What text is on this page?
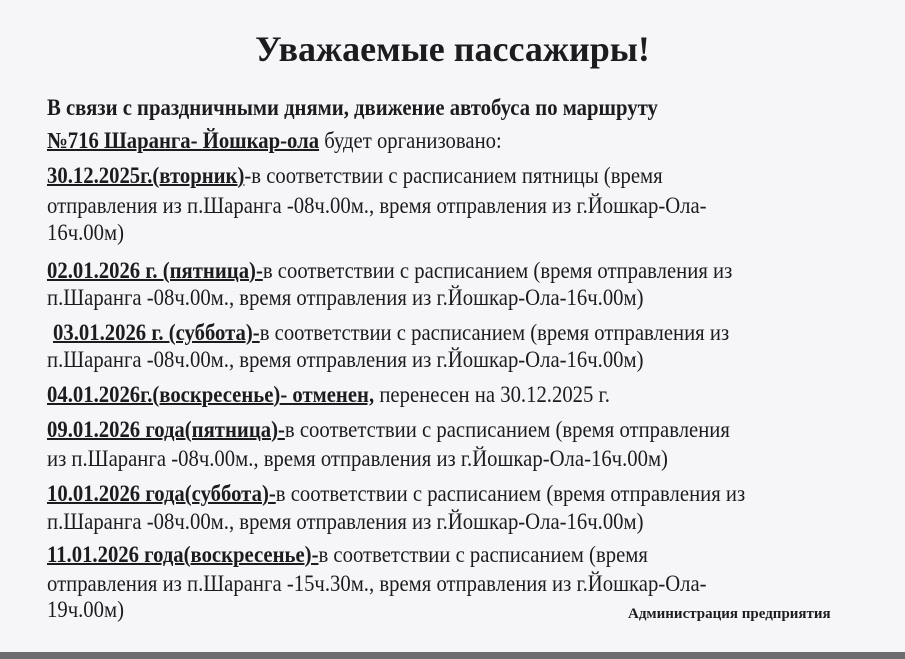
Уважаемые пассажиры!
В связи с праздничными днями, движение автобуса по маршруту
№716 Шаранга- Йошкар-ола будет организовано:
30.12.2025г.(вторник)-в соответствии с расписанием пятницы (время
отправления из п.Шаранга -08ч.00м., время отправления из г.Йошкар-Ола-
16ч.00м)
02.01.2026 г. (пятница)-в соответствии с расписанием (время отправления из
п.Шаранга -08ч.00м., время отправления из г.Йошкар-Ола-16ч.00м)
03.01.2026 г. (суббота)-в соответствии с расписанием (время отправления из
п.Шаранга -08ч.00м., время отправления из г.Йошкар-Ола-16ч.00м)
04.01.2026г.(воскресенье)- отменен, перенесен на 30.12.2025 г.
09.01.2026 года(пятница)-в соответствии с расписанием (время отправления
из п.Шаранга -08ч.00м., время отправления из г.Йошкар-Ола-16ч.00м)
10.01.2026 года(суббота)-в соответствии с расписанием (время отправления из
п.Шаранга -08ч.00м., время отправления из г.Йошкар-Ола-16ч.00м)
11.01.2026 года(воскресенье)-в соответствии с расписанием (время
отправления из п.Шаранга -15ч.30м., время отправления из г.Йошкар-Ола-
19ч.00м)	Администрация предприятия
